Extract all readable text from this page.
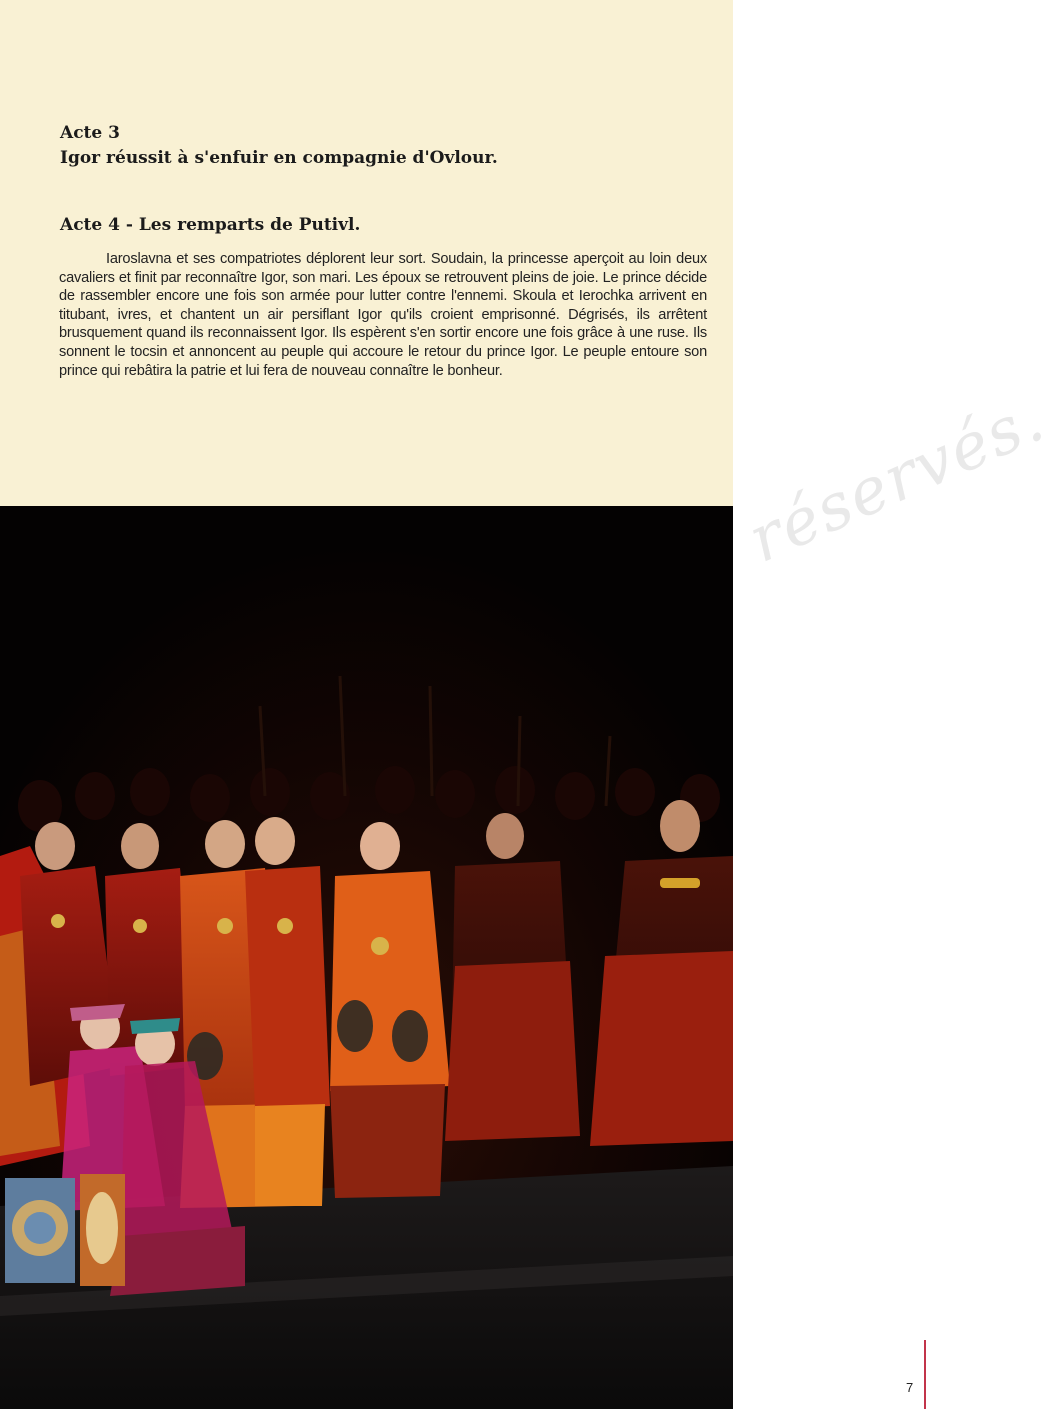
Acte 3
Igor réussit à s'enfuir en compagnie d'Ovlour.
Acte 4 - Les remparts de Putivl.

Iaroslavna et ses compatriotes déplorent leur sort. Soudain, la princesse aperçoit au loin deux cavaliers et finit par reconnaître Igor, son mari. Les époux se retrouvent pleins de joie. Le prince décide de rassembler encore une fois son armée pour lutter contre l'ennemi. Skoula et Ierochka arrivent en titubant, ivres, et chantent un air persiflant Igor qu'ils croient emprisonné. Dégrisés, ils arrêtent brusquement quand ils reconnaissent Igor. Ils espèrent s'en sortir encore une fois grâce à une ruse. Ils sonnent le tocsin et annoncent au peuple qui accoure le retour du prince Igor. Le peuple entoure son prince qui rebâtira la patrie et lui fera de nouveau connaître le bonheur.

réservés.
7
